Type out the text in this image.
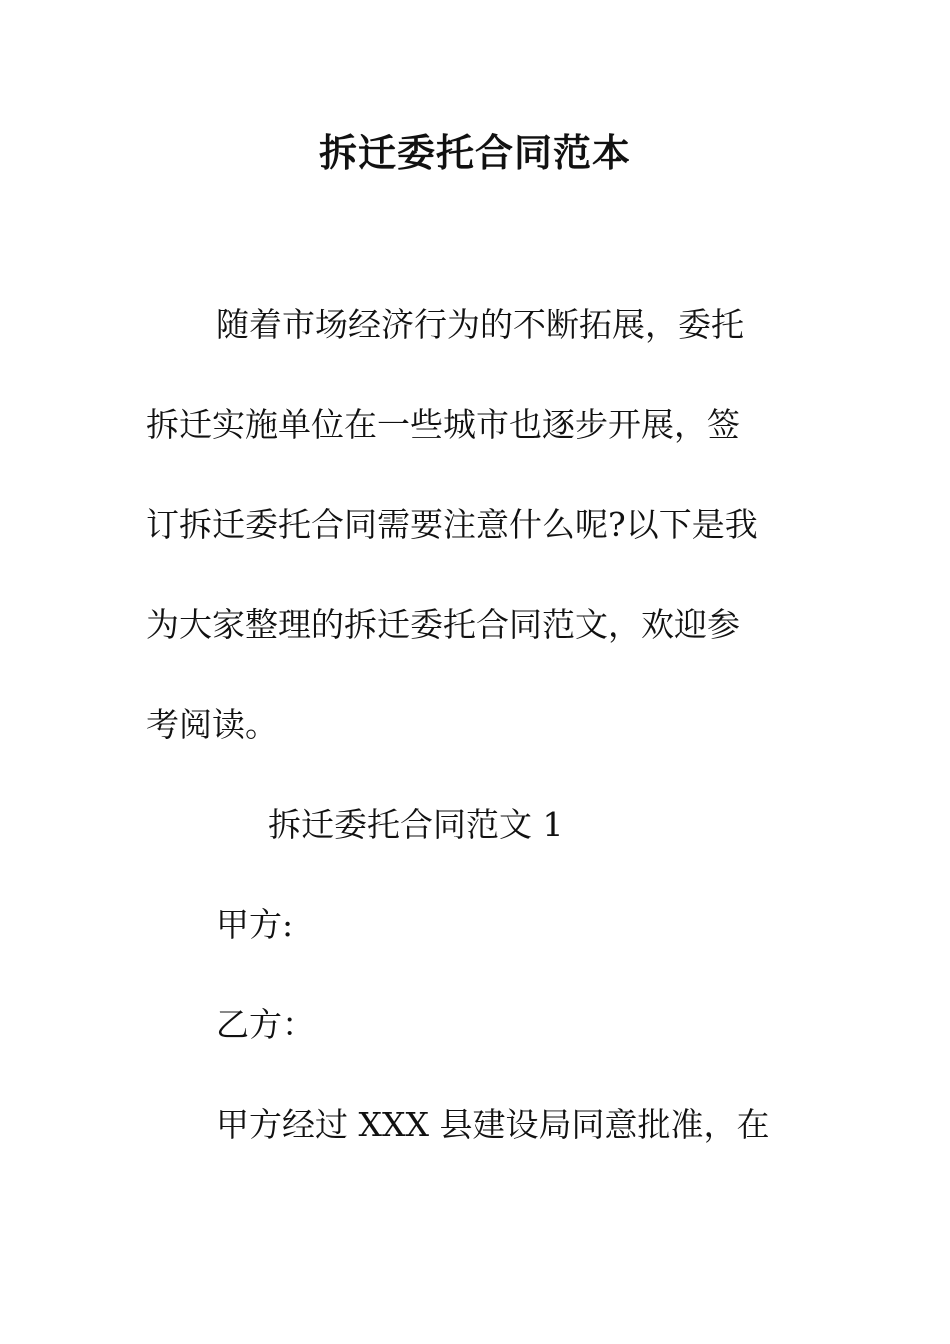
拆迁委托合同范本
随着市场经济行为的不断拓展，委托
拆迁实施单位在一些城市也逐步开展，签
订拆迁委托合同需要注意什么呢?以下是我
为大家整理的拆迁委托合同范文，欢迎参
考阅读。
拆迁委托合同范文 1
甲方:
乙方：
甲方经过 XXX 县建设局同意批准，在
